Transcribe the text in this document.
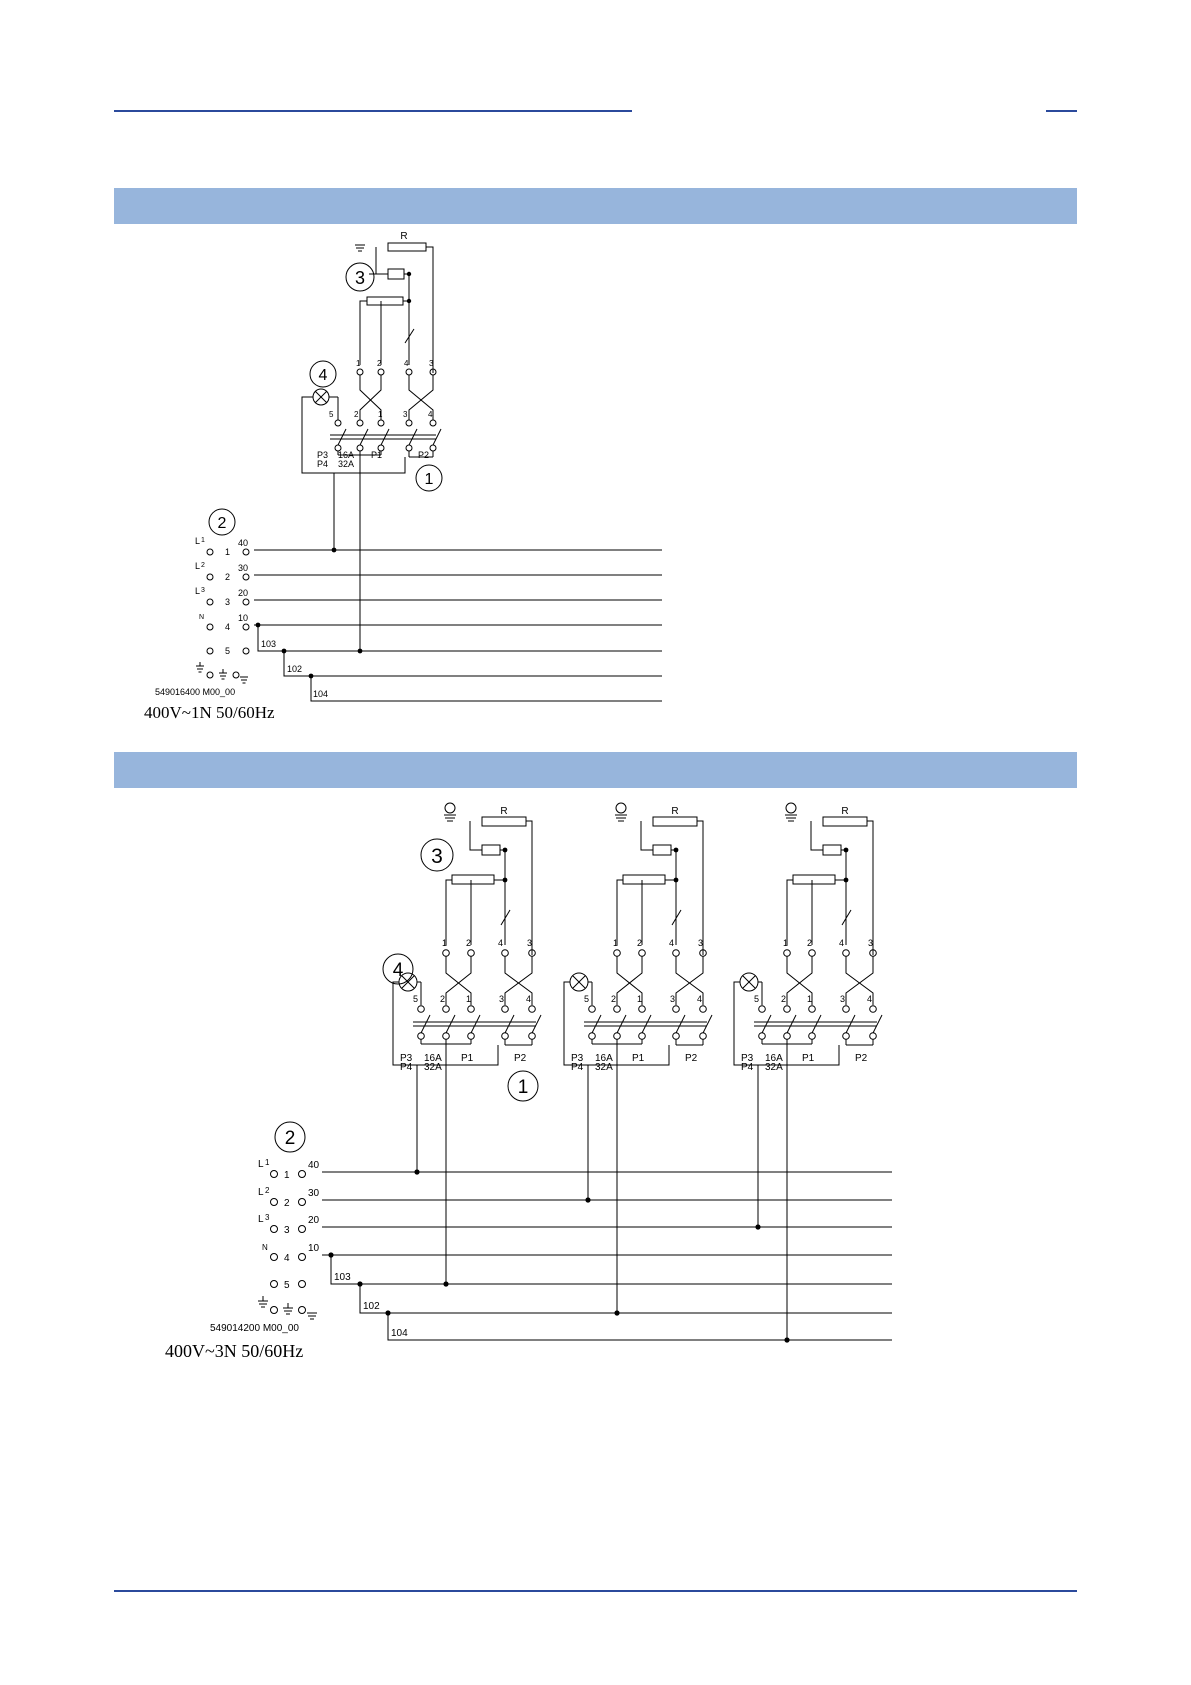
R
3
4
1
2
1 2	4	3
5	2 1	3	4
P3
P4
16A
32A
P1	P2
L 1
1
40
L 2
2
30
L 3
3
20
N
4
10
5
103
102
104
549016400 M00_00
400V~1N 50/60Hz
R
1 2	4	3
5 2 1	3 4
P3
P4
16A
32A
P1	P2
R
1 2	4	3
5 2 1	3 4
P3
P4
16A
32A
P1	P2
R
1 2	4	3
5 2 1	3 4
P3
P4
16A
32A
P1	P2
3
4
1
2
L 1
1
40
L 2
2
30
L 3
3
20
N
4
10
5
103
102
104
549014200 M00_00
400V~3N 50/60Hz
